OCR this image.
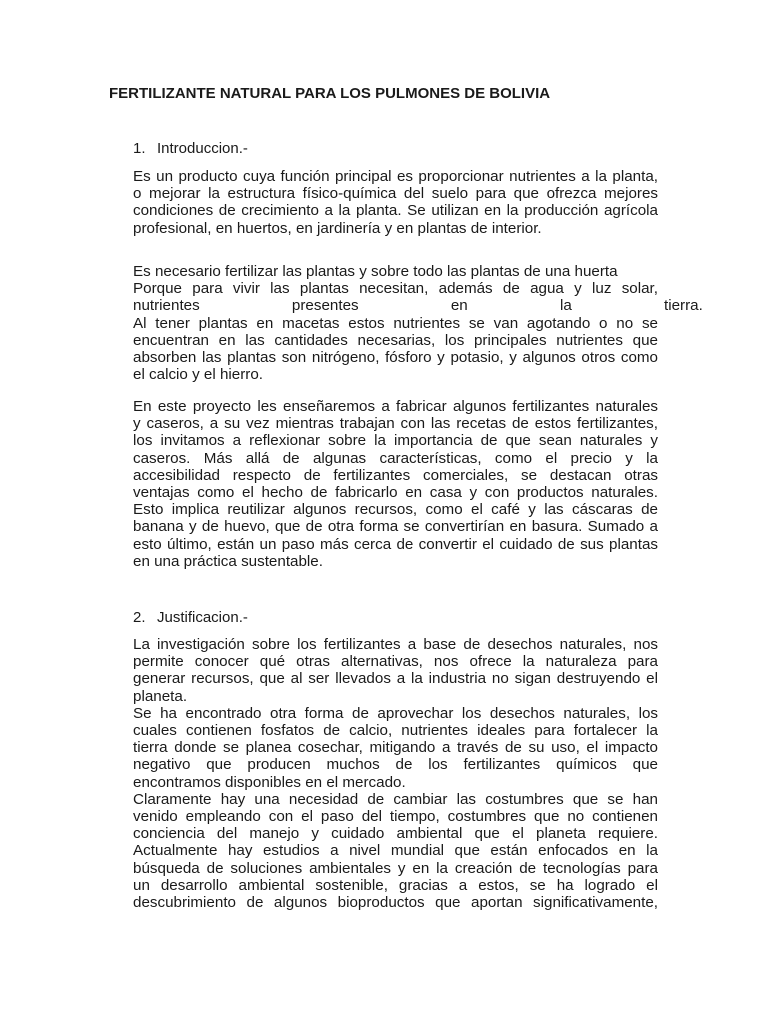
FERTILIZANTE NATURAL PARA LOS PULMONES DE BOLIVIA
1. Introduccion.-
Es un producto cuya función principal es proporcionar nutrientes a la planta,
o mejorar la estructura físico-química del suelo para que ofrezca mejores
condiciones de crecimiento a la planta. Se utilizan en la producción agrícola
profesional, en huertos, en jardinería y en plantas de interior.
Es necesario fertilizar las plantas y sobre todo las plantas de una huerta
Porque para vivir las plantas necesitan, además de agua y luz solar,
nutrientes presentes en la tierra.
Al tener plantas en macetas estos nutrientes se van agotando o no se
encuentran en las cantidades necesarias, los principales nutrientes que
absorben las plantas son nitrógeno, fósforo y potasio, y algunos otros como
el calcio y el hierro.
En este proyecto les enseñaremos a fabricar algunos fertilizantes naturales
y caseros, a su vez mientras trabajan con las recetas de estos fertilizantes,
los invitamos a reflexionar sobre la importancia de que sean naturales y
caseros. Más allá de algunas características, como el precio y la
accesibilidad respecto de fertilizantes comerciales, se destacan otras
ventajas como el hecho de fabricarlo en casa y con productos naturales.
Esto implica reutilizar algunos recursos, como el café y las cáscaras de
banana y de huevo, que de otra forma se convertirían en basura. Sumado a
esto último, están un paso más cerca de convertir el cuidado de sus plantas
en una práctica sustentable.
2. Justificacion.-
La investigación sobre los fertilizantes a base de desechos naturales, nos
permite conocer qué otras alternativas, nos ofrece la naturaleza para
generar recursos, que al ser llevados a la industria no sigan destruyendo el
planeta.
Se ha encontrado otra forma de aprovechar los desechos naturales, los
cuales contienen fosfatos de calcio, nutrientes ideales para fortalecer la
tierra donde se planea cosechar, mitigando a través de su uso, el impacto
negativo que producen muchos de los fertilizantes químicos que
encontramos disponibles en el mercado.
Claramente hay una necesidad de cambiar las costumbres que se han
venido empleando con el paso del tiempo, costumbres que no contienen
conciencia del manejo y cuidado ambiental que el planeta requiere.
Actualmente hay estudios a nivel mundial que están enfocados en la
búsqueda de soluciones ambientales y en la creación de tecnologías para
un desarrollo ambiental sostenible, gracias a estos, se ha logrado el
descubrimiento de algunos bioproductos que aportan significativamente,
